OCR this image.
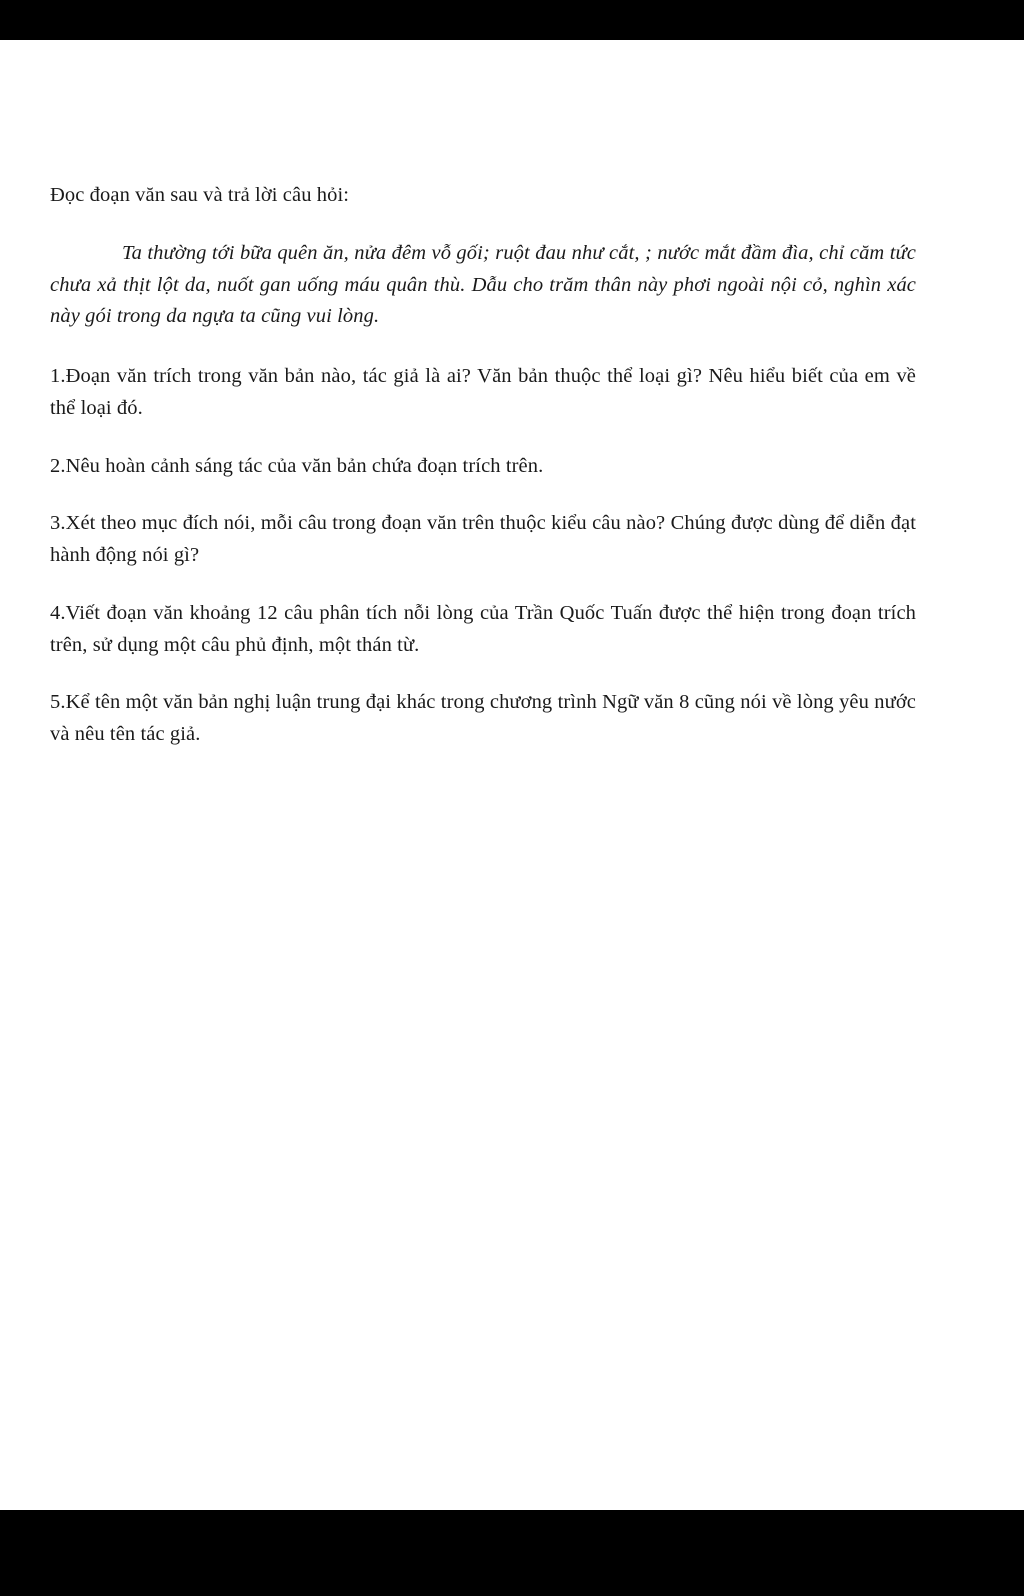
Đọc đoạn văn sau và trả lời câu hỏi:

Ta thường tới bữa quên ăn, nửa đêm vỗ gối; ruột đau như cắt, ; nước mắt đầm đìa, chỉ căm tức chưa xả thịt lột da, nuốt gan uống máu quân thù. Dẫu cho trăm thân này phơi ngoài nội cỏ, nghìn xác này gói trong da ngựa ta cũng vui lòng.

1.Đoạn văn trích trong văn bản nào, tác giả là ai? Văn bản thuộc thể loại gì? Nêu hiểu biết của em về thể loại đó.

2.Nêu hoàn cảnh sáng tác của văn bản chứa đoạn trích trên.

3.Xét theo mục đích nói, mỗi câu trong đoạn văn trên thuộc kiểu câu nào? Chúng được dùng để diễn đạt hành động nói gì?

4.Viết đoạn văn khoảng 12 câu phân tích nỗi lòng của Trần Quốc Tuấn được thể hiện trong đoạn trích trên, sử dụng một câu phủ định, một thán từ.

5.Kể tên một văn bản nghị luận trung đại khác trong chương trình Ngữ văn 8 cũng nói về lòng yêu nước và nêu tên tác giả.
